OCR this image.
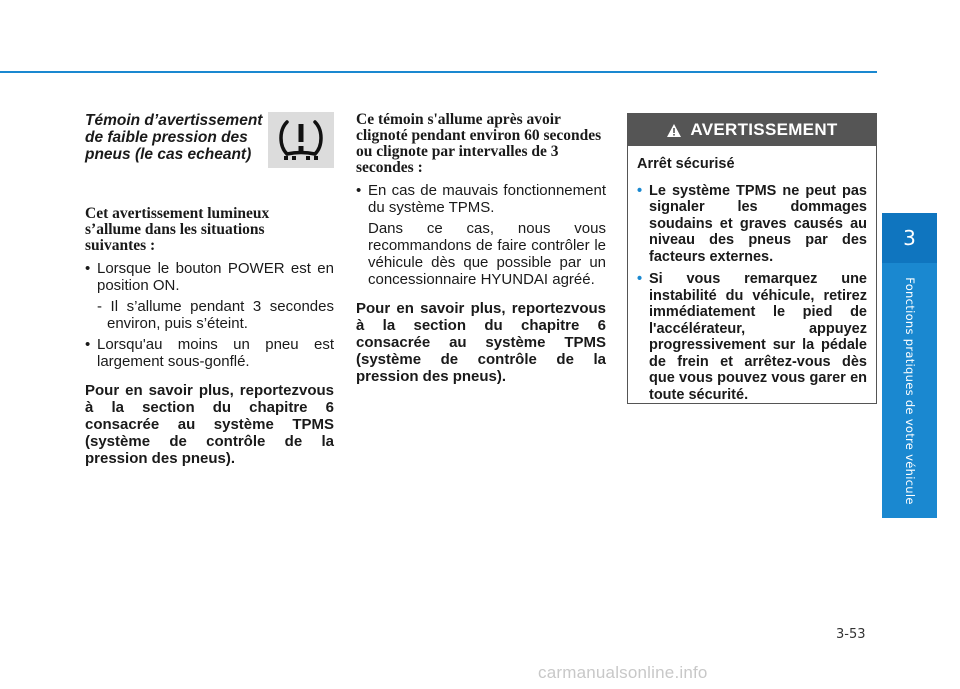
3
Fonctions pratiques de votre véhicule

Témoin d’avertissement de faible pression des pneus (le cas echeant)

Cet avertissement lumineux s’allume dans les situations suivantes :

• Lorsque le bouton POWER est en position ON.

- Il s’allume pendant 3 secondes environ, puis s’éteint.

• Lorsqu'au moins un pneu est largement sous-gonflé.

Pour en savoir plus, reportezvous à la section du chapitre 6 consacrée au système TPMS (système de contrôle de la pression des pneus).

Ce témoin s'allume après avoir clignoté pendant environ 60 secondes ou clignote par intervalles de 3 secondes :

• En cas de mauvais fonctionnement du système TPMS.

Dans ce cas, nous vous recommandons de faire contrôler le véhicule dès que possible par un concessionnaire HYUNDAI agréé.

Pour en savoir plus, reportezvous à la section du chapitre 6 consacrée au système TPMS (système de contrôle de la pression des pneus).

AVERTISSEMENT

Arrêt sécurisé

• Le système TPMS ne peut pas signaler les dommages soudains et graves causés au niveau des pneus par des facteurs externes.

• Si vous remarquez une instabilité du véhicule, retirez immédiatement le pied de l'accélérateur, appuyez progressivement sur la pédale de frein et arrêtez-vous dès que vous pouvez vous garer en toute sécurité.

3-53
carmanualsonline.info
